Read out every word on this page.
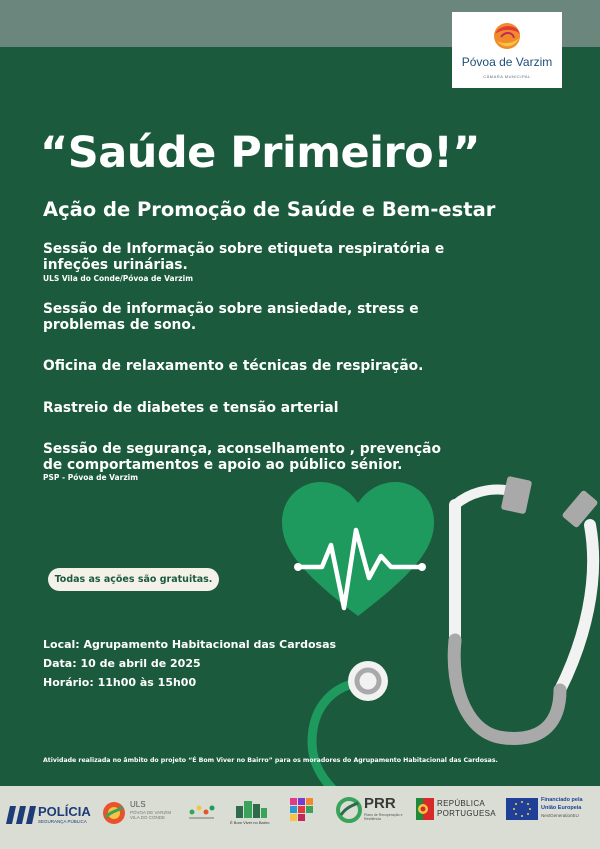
Póvoa de Varzim
CÂMARA MUNICIPAL
“Saúde Primeiro!”
Ação de Promoção de Saúde e Bem-estar
Sessão de Informação sobre etiqueta respiratória e infeções urinárias.
ULS Vila do Conde/Póvoa de Varzim
Sessão de informação sobre ansiedade, stress e problemas de sono.
Oficina de relaxamento e técnicas de respiração.
Rastreio de diabetes e tensão arterial
Sessão de segurança, aconselhamento , prevenção de comportamentos e apoio ao público sénior.
PSP - Póvoa de Varzim
Todas as ações são gratuitas.
Local: Agrupamento Habitacional das Cardosas
Data: 10 de abril de 2025
Horário: 11h00 às 15h00
Atividade realizada no âmbito do projeto “É Bom Viver no Bairro” para os moradores do Agrupamento Habitacional das Cardosas.
POLÍCIA
SEGURANÇA PÚBLICA
ULS
PÓVOA DE VARZIM VILA DO CONDE
É Bom Viver no Bairro
PRR
Plano de Recuperação e Resiliência
REPÚBLICA
PORTUGUESA
Financiado pela
União Europeia
NextGenerationEU
